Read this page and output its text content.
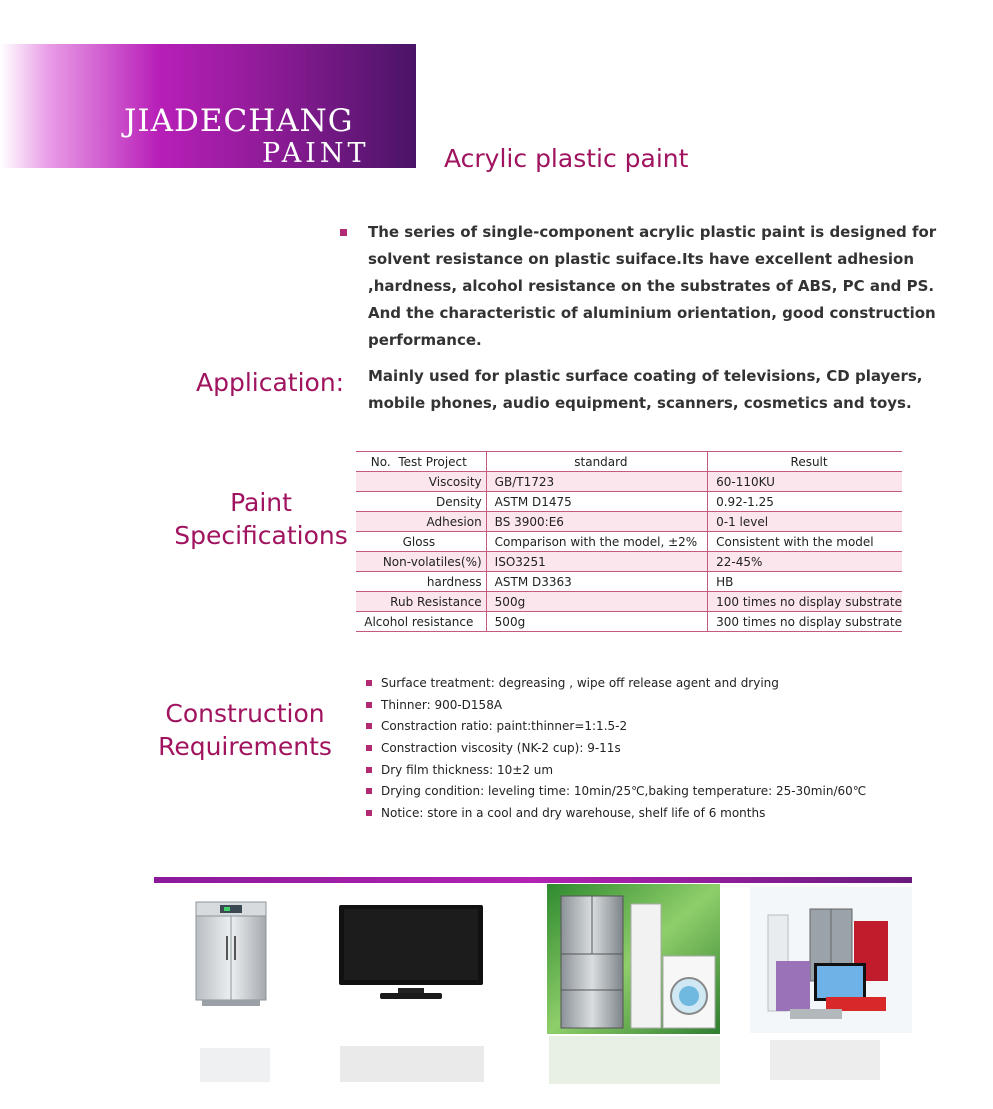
JIADECHANG
PAINT	Acrylic plastic paint
The series of single-component acrylic plastic paint is designed for solvent resistance on plastic suiface.Its have excellent adhesion ,hardness, alcohol resistance on the substrates of ABS, PC and PS. And the characteristic of aluminium orientation, good construction performance.
Application: Mainly used for plastic surface coating of televisions, CD players, mobile phones, audio equipment, scanners, cosmetics and toys.
Paint
Specifications
No. Test Project	standard	Result
Viscosity	GB/T1723	60-110KU
Density	ASTM D1475	0.92-1.25
Adhesion	BS 3900:E6	0-1 level
Gloss	Comparison with the model, ±2%	Consistent with the model
Non-volatiles(%)	ISO3251	22-45%
hardness	ASTM D3363	HB
Rub Resistance	500g	100 times no display substrate
Alcohol resistance	500g	300 times no display substrate
Construction
Requirements
Surface treatment: degreasing , wipe off release agent and drying
Thinner: 900-D158A
Constraction ratio: paint:thinner=1:1.5-2
Constraction viscosity (NK-2 cup): 9-11s
Dry film thickness: 10±2 um
Drying condition: leveling time: 10min/25℃,baking temperature: 25-30min/60℃
Notice: store in a cool and dry warehouse, shelf life of 6 months
